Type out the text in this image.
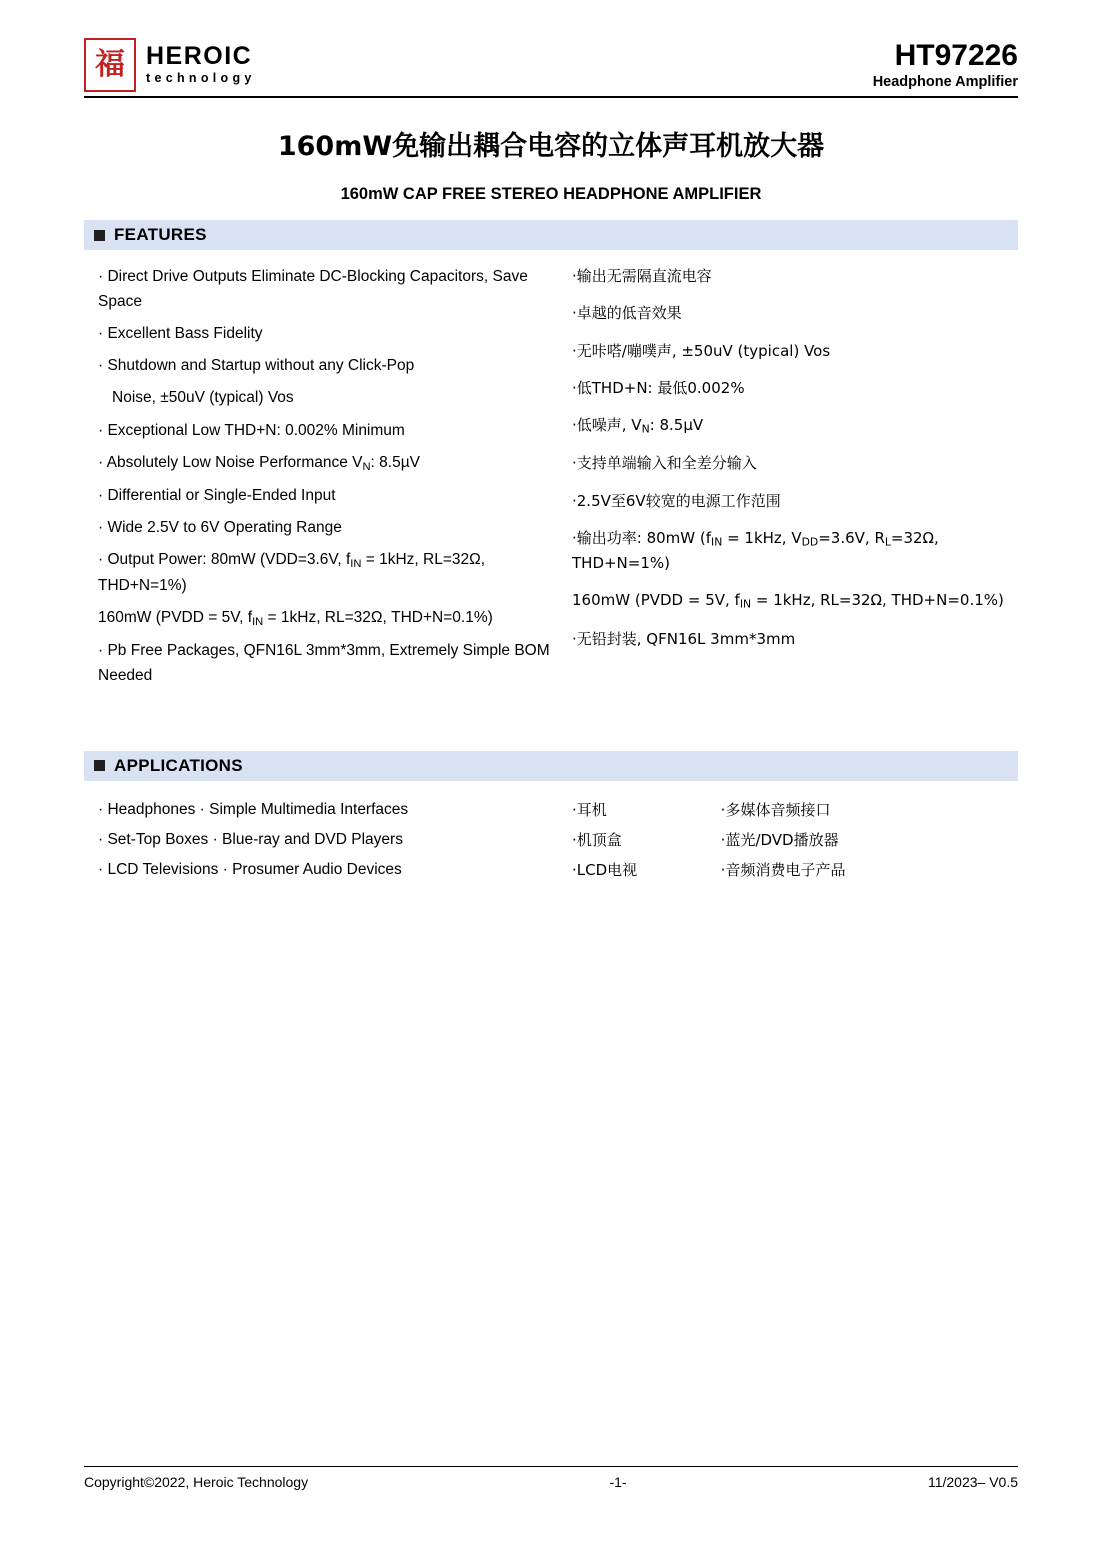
福 HEROIC
technology
HT97226
Headphone Amplifier
160mW免输出耦合电容的立体声耳机放大器
160mW CAP FREE STEREO HEADPHONE AMPLIFIER
FEATURES
· Direct Drive Outputs Eliminate DC-Blocking Capacitors, Save Space
· Excellent Bass Fidelity
· Shutdown and Startup without any Click-Pop
Noise, ±50uV (typical) Vos
· Exceptional Low THD+N: 0.002% Minimum
· Absolutely Low Noise Performance $V_N$: 8.5µV
· Differential or Single-Ended Input
· Wide 2.5V to 6V Operating Range
· Output Power: 80mW (VDD=3.6V, $f_{IN} = 1kHz$, RL=32Ω, THD+N=1%)
160mW (PVDD = 5V, $f_{IN} = 1kHz$, RL=32Ω, THD+N=0.1%)
· Pb Free Packages, QFN16L 3mm*3mm, Extremely Simple BOM Needed
·输出无需隔直流电容
·卓越的低音效果
·无咔嗒/嘣噗声, ±50uV (typical) Vos
·低THD+N: 最低0.002%
·低噪声, $V_N$: 8.5µV
·支持单端输入和全差分输入
·2.5V至6V较宽的电源工作范围
·输出功率: 80mW ($f_{IN} = 1kHz$, $V_{DD}=3.6V$, $R_L=32\Omega$, THD+N=1%)
160mW (PVDD = 5V, $f_{IN} = 1kHz$, RL=32Ω, THD+N=0.1%)
·无铅封装, QFN16L 3mm*3mm
APPLICATIONS
· Headphones · Simple Multimedia Interfaces
· Set-Top Boxes · Blue-ray and DVD Players
· LCD Televisions · Prosumer Audio Devices
·耳机
·机顶盒
·LCD电视
·多媒体音频接口
·蓝光/DVD播放器
·音频消费电子产品
Copyright©2022, Heroic Technology	-1-	11/2023– V0.5
